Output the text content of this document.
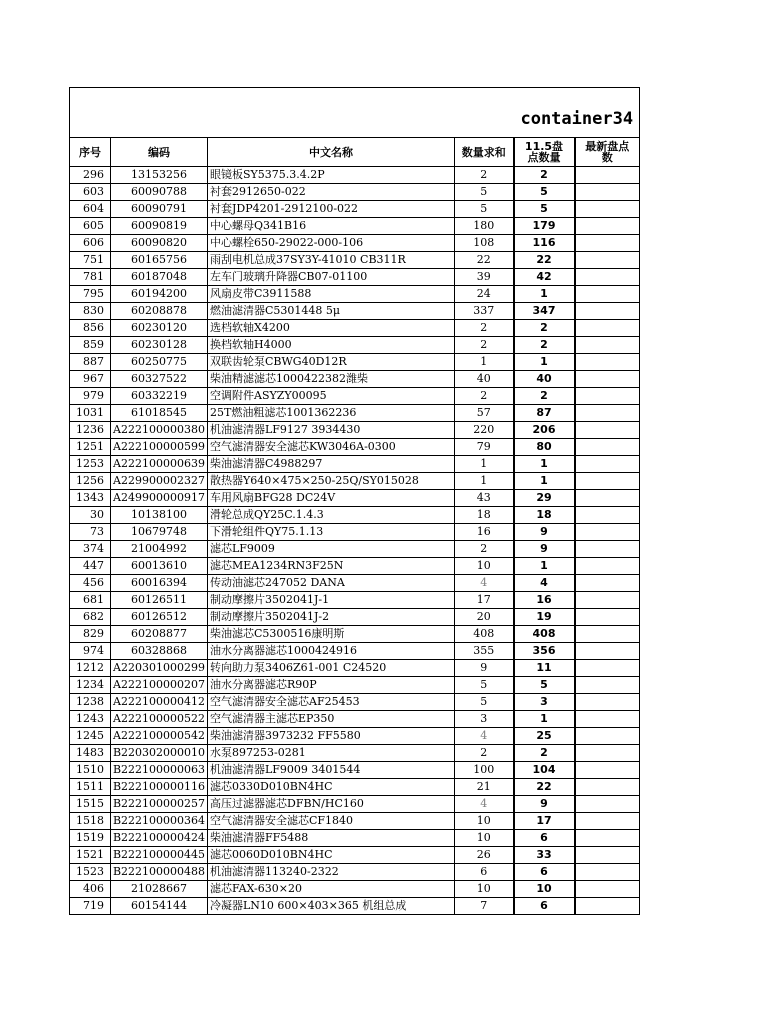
container34					
序号	编码	中文名称	数量求和	11.5盘点数量	最新盘点数
296	13153256	眼镜板SY5375.3.4.2P	2	2	
603	60090788	衬套2912650-022	5	5	
604	60090791	衬套JDP4201-2912100-022	5	5	
605	60090819	中心螺母Q341B16	180	179	
606	60090820	中心螺栓650-29022-000-106	108	116	
751	60165756	雨刮电机总成37SY3Y-41010 CB311R	22	22	
781	60187048	左车门玻璃升降器CB07-01100	39	42	
795	60194200	风扇皮带C3911588	24	1	
830	60208878	燃油滤清器C5301448 5μ	337	347	
856	60230120	选档软轴X4200	2	2	
859	60230128	换档软轴H4000	2	2	
887	60250775	双联齿轮泵CBWG40D12R	1	1	
967	60327522	柴油精滤滤芯1000422382潍柴	40	40	
979	60332219	空调附件ASYZY00095	2	2	
1031	61018545	25T燃油粗滤芯1001362236	57	87	
1236	A222100000380	机油滤清器LF9127 3934430	220	206	
1251	A222100000599	空气滤清器安全滤芯KW3046A-0300	79	80	
1253	A222100000639	柴油滤清器C4988297	1	1	
1256	A229900002327	散热器Y640×475×250-25Q/SY015028	1	1	
1343	A249900000917	车用风扇BFG28 DC24V	43	29	
30	10138100	滑轮总成QY25C.1.4.3	18	18	
73	10679748	下滑轮组件QY75.1.13	16	9	
374	21004992	滤芯LF9009	2	9	
447	60013610	滤芯MEA1234RN3F25N	10	1	
456	60016394	传动油滤芯247052 DANA	4	4	
681	60126511	制动摩擦片3502041J-1	17	16	
682	60126512	制动摩擦片3502041J-2	20	19	
829	60208877	柴油滤芯C5300516康明斯	408	408	
974	60328868	油水分离器滤芯1000424916	355	356	
1212	A220301000299	转向助力泵3406Z61-001 C24520	9	11	
1234	A222100000207	油水分离器滤芯R90P	5	5	
1238	A222100000412	空气滤清器安全滤芯AF25453	5	3	
1243	A222100000522	空气滤清器主滤芯EP350	3	1	
1245	A222100000542	柴油滤清器3973232 FF5580	4	25	
1483	B220302000010	水泵897253-0281	2	2	
1510	B222100000063	机油滤清器LF9009 3401544	100	104	
1511	B222100000116	滤芯0330D010BN4HC	21	22	
1515	B222100000257	高压过滤器滤芯DFBN/HC160	4	9	
1518	B222100000364	空气滤清器安全滤芯CF1840	10	17	
1519	B222100000424	柴油滤清器FF5488	10	6	
1521	B222100000445	滤芯0060D010BN4HC	26	33	
1523	B222100000488	机油滤清器113240-2322	6	6	
406	21028667	滤芯FAX-630×20	10	10	
719	60154144	冷凝器LN10 600×403×365 机组总成	7	6	
